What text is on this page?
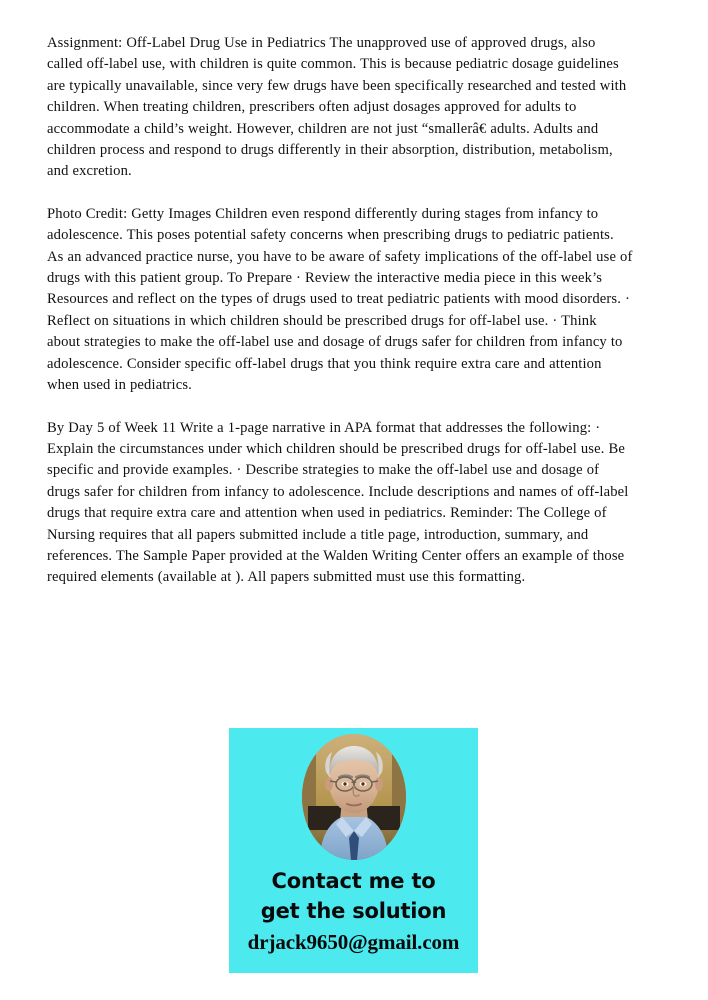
Assignment: Off-Label Drug Use in Pediatrics The unapproved use of approved drugs, also called off-label use, with children is quite common. This is because pediatric dosage guidelines are typically unavailable, since very few drugs have been specifically researched and tested with children. When treating children, prescribers often adjust dosages approved for adults to accommodate a child’s weight. However, children are not just “smallerâ€ adults. Adults and children process and respond to drugs differently in their absorption, distribution, metabolism, and excretion.

Photo Credit: Getty Images Children even respond differently during stages from infancy to adolescence. This poses potential safety concerns when prescribing drugs to pediatric patients. As an advanced practice nurse, you have to be aware of safety implications of the off-label use of drugs with this patient group. To Prepare · Review the interactive media piece in this week’s Resources and reflect on the types of drugs used to treat pediatric patients with mood disorders. · Reflect on situations in which children should be prescribed drugs for off-label use. · Think about strategies to make the off-label use and dosage of drugs safer for children from infancy to adolescence. Consider specific off-label drugs that you think require extra care and attention when used in pediatrics.

By Day 5 of Week 11 Write a 1-page narrative in APA format that addresses the following: · Explain the circumstances under which children should be prescribed drugs for off-label use. Be specific and provide examples. · Describe strategies to make the off-label use and dosage of drugs safer for children from infancy to adolescence. Include descriptions and names of off-label drugs that require extra care and attention when used in pediatrics. Reminder: The College of Nursing requires that all papers submitted include a title page, introduction, summary, and references. The Sample Paper provided at the Walden Writing Center offers an example of those required elements (available at ). All papers submitted must use this formatting.

Contact me to
get the solution
drjack9650@gmail.com
